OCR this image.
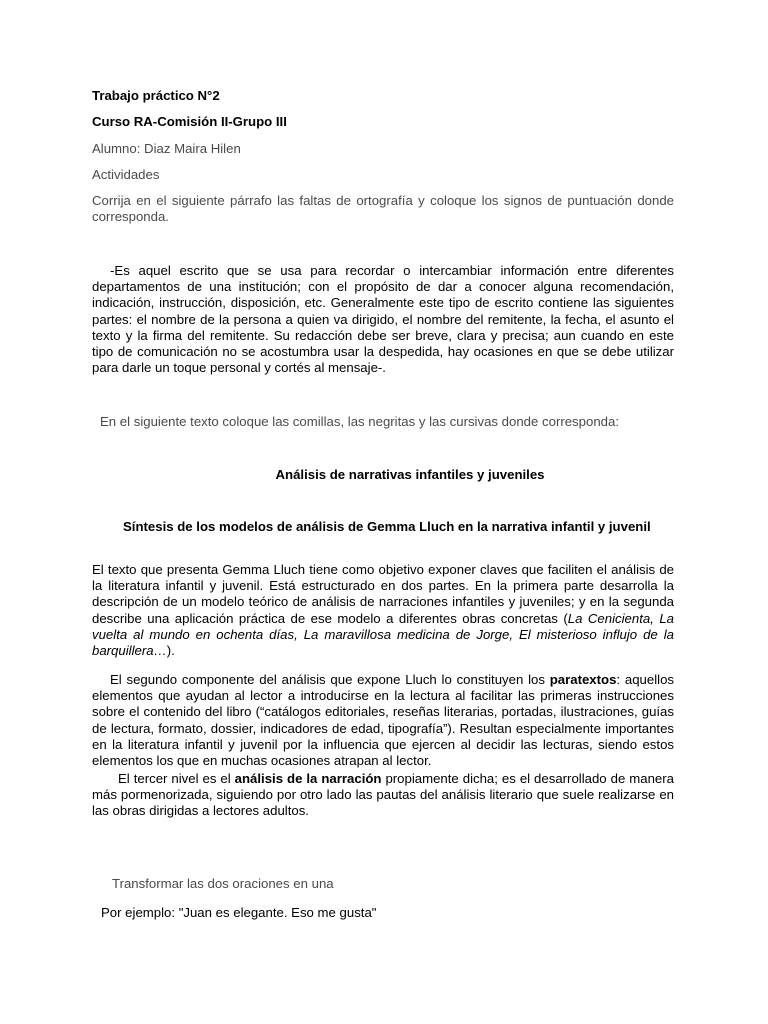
Trabajo práctico N°2
Curso RA-Comisión II-Grupo III
Alumno: Diaz Maira Hilen
Actividades

Corrija en el siguiente párrafo las faltas de ortografía y coloque los signos de puntuación donde corresponda.

-Es aquel escrito que se usa para recordar o intercambiar información entre diferentes departamentos de una institución; con el propósito de dar a conocer alguna recomendación, indicación, instrucción, disposición, etc. Generalmente este tipo de escrito contiene las siguientes partes: el nombre de la persona a quien va dirigido, el nombre del remitente, la fecha, el asunto el texto y la firma del remitente. Su redacción debe ser breve, clara y precisa; aun cuando en este tipo de comunicación no se acostumbra usar la despedida, hay ocasiones en que se debe utilizar para darle un toque personal y cortés al mensaje-.

En el siguiente texto coloque las comillas, las negritas y las cursivas donde corresponda:

Análisis de narrativas infantiles y juveniles

Síntesis de los modelos de análisis de Gemma Lluch en la narrativa infantil y juvenil

El texto que presenta Gemma Lluch tiene como objetivo exponer claves que faciliten el análisis de la literatura infantil y juvenil. Está estructurado en dos partes. En la primera parte desarrolla la descripción de un modelo teórico de análisis de narraciones infantiles y juveniles; y en la segunda describe una aplicación práctica de ese modelo a diferentes obras concretas (La Cenicienta, La vuelta al mundo en ochenta días, La maravillosa medicina de Jorge, El misterioso influjo de la barquillera…).

El segundo componente del análisis que expone Lluch lo constituyen los paratextos: aquellos elementos que ayudan al lector a introducirse en la lectura al facilitar las primeras instrucciones sobre el contenido del libro (“catálogos editoriales, reseñas literarias, portadas, ilustraciones, guías de lectura, formato, dossier, indicadores de edad, tipografía”). Resultan especialmente importantes en la literatura infantil y juvenil por la influencia que ejercen al decidir las lecturas, siendo estos elementos los que en muchas ocasiones atrapan al lector.

El tercer nivel es el análisis de la narración propiamente dicha; es el desarrollado de manera más pormenorizada, siguiendo por otro lado las pautas del análisis literario que suele realizarse en las obras dirigidas a lectores adultos.

Transformar las dos oraciones en una
Por ejemplo: "Juan es elegante. Eso me gusta"
